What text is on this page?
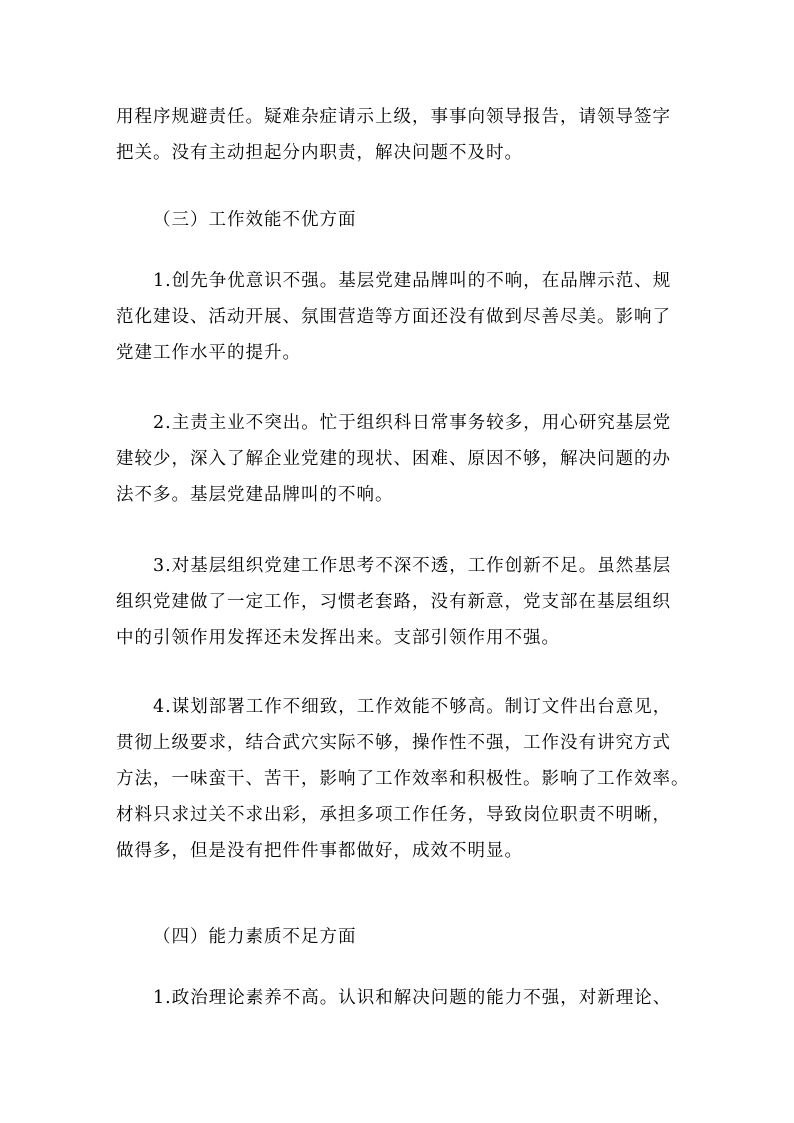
用程序规避责任。疑难杂症请示上级，事事向领导报告，请领导签字
把关。没有主动担起分内职责，解决问题不及时。
（三）工作效能不优方面
1.创先争优意识不强。基层党建品牌叫的不响，在品牌示范、规
范化建设、活动开展、氛围营造等方面还没有做到尽善尽美。影响了
党建工作水平的提升。
2.主责主业不突出。忙于组织科日常事务较多，用心研究基层党
建较少，深入了解企业党建的现状、困难、原因不够，解决问题的办
法不多。基层党建品牌叫的不响。
3.对基层组织党建工作思考不深不透，工作创新不足。虽然基层
组织党建做了一定工作，习惯老套路，没有新意，党支部在基层组织
中的引领作用发挥还未发挥出来。支部引领作用不强。
4.谋划部署工作不细致，工作效能不够高。制订文件出台意见，
贯彻上级要求，结合武穴实际不够，操作性不强，工作没有讲究方式
方法，一味蛮干、苦干，影响了工作效率和积极性。影响了工作效率。
材料只求过关不求出彩，承担多项工作任务，导致岗位职责不明晰，
做得多，但是没有把件件事都做好，成效不明显。
（四）能力素质不足方面
1.政治理论素养不高。认识和解决问题的能力不强，对新理论、
